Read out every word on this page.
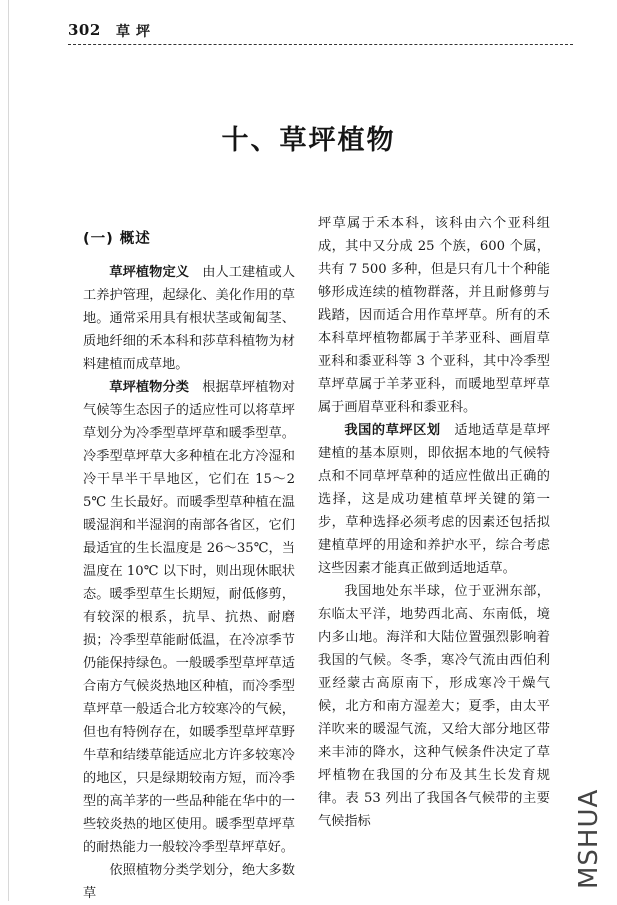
302 草坪
十、草坪植物
(一) 概述

草坪植物定义　 由人工建植或人工养护管理，起绿化、美化作用的草地。通常采用具有根状茎或匍匐茎、质地纤细的禾本科和莎草科植物为材料建植而成草地。

草坪植物分类　 根据草坪植物对气候等生态因子的适应性可以将草坪草划分为冷季型草坪草和暖季型草。冷季型草坪草大多种植在北方冷湿和冷干旱半干旱地区，它们在 15～25℃ 生长最好。而暖季型草种植在温暖湿润和半湿润的南部各省区，它们最适宜的生长温度是 26～35℃，当温度在 10℃ 以下时，则出现休眠状态。暖季型草生长期短，耐低修剪，有较深的根系，抗旱、抗热、耐磨损；冷季型草能耐低温，在冷凉季节仍能保持绿色。一般暖季型草坪草适合南方气候炎热地区种植，而冷季型草坪草一般适合北方较寒冷的气候，但也有特例存在，如暖季型草坪草野牛草和结缕草能适应北方许多较寒冷的地区，只是绿期较南方短，而冷季型的高羊茅的一些品种能在华中的一些较炎热的地区使用。暖季型草坪草的耐热能力一般较冷季型草坪草好。

依照植物分类学划分，绝大多数草

坪草属于禾本科，该科由六个亚科组成，其中又分成 25 个族，600 个属，共有 7 500 多种，但是只有几十个种能够形成连续的植物群落，并且耐修剪与践踏，因而适合用作草坪草。所有的禾本科草坪植物都属于羊茅亚科、画眉草亚科和黍亚科等 3 个亚科，其中冷季型草坪草属于羊茅亚科，而暖地型草坪草属于画眉草亚科和黍亚科。

我国的草坪区划　 适地适草是草坪建植的基本原则，即依据本地的气候特点和不同草坪草种的适应性做出正确的选择，这是成功建植草坪关键的第一步，草种选择必须考虑的因素还包括拟建植草坪的用途和养护水平，综合考虑这些因素才能真正做到适地适草。

我国地处东半球，位于亚洲东部，东临太平洋，地势西北高、东南低，境内多山地。海洋和大陆位置强烈影响着我国的气候。冬季，寒冷气流由西伯利亚经蒙古高原南下，形成寒冷干燥气候，北方和南方湿差大；夏季，由太平洋吹来的暖湿气流，又给大部分地区带来丰沛的降水，这种气候条件决定了草坪植物在我国的分布及其生长发育规律。表 53 列出了我国各气候带的主要气候指标	MSHUA
